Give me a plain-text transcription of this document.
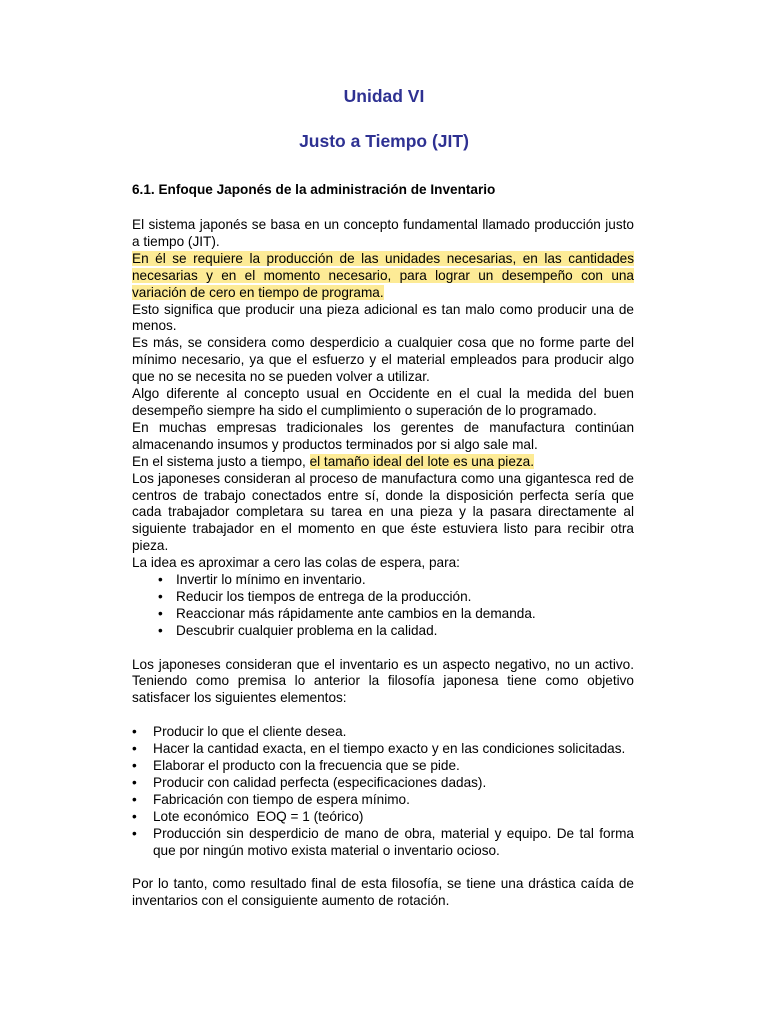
Unidad VI
Justo a Tiempo (JIT)
6.1. Enfoque Japonés de la administración de Inventario

El sistema japonés se basa en un concepto fundamental llamado producción justo a tiempo (JIT).

En él se requiere la producción de las unidades necesarias, en las cantidades necesarias y en el momento necesario, para lograr un desempeño con una variación de cero en tiempo de programa.

Esto significa que producir una pieza adicional es tan malo como producir una de menos.

Es más, se considera como desperdicio a cualquier cosa que no forme parte del mínimo necesario, ya que el esfuerzo y el material empleados para producir algo que no se necesita no se pueden volver a utilizar.

Algo diferente al concepto usual en Occidente en el cual la medida del buen desempeño siempre ha sido el cumplimiento o superación de lo programado.

En muchas empresas tradicionales los gerentes de manufactura continúan almacenando insumos y productos terminados por si algo sale mal.

En el sistema justo a tiempo, el tamaño ideal del lote es una pieza.

Los japoneses consideran al proceso de manufactura como una gigantesca red de centros de trabajo conectados entre sí, donde la disposición perfecta sería que cada trabajador completara su tarea en una pieza y la pasara directamente al siguiente trabajador en el momento en que éste estuviera listo para recibir otra pieza.

La idea es aproximar a cero las colas de espera, para:

• Invertir lo mínimo en inventario.
• Reducir los tiempos de entrega de la producción.
• Reaccionar más rápidamente ante cambios en la demanda.
• Descubrir cualquier problema en la calidad.

Los japoneses consideran que el inventario es un aspecto negativo, no un activo. Teniendo como premisa lo anterior la filosofía japonesa tiene como objetivo satisfacer los siguientes elementos:

• Producir lo que el cliente desea.
• Hacer la cantidad exacta, en el tiempo exacto y en las condiciones solicitadas.
• Elaborar el producto con la frecuencia que se pide.
• Producir con calidad perfecta (especificaciones dadas).
• Fabricación con tiempo de espera mínimo.
• Lote económico  EOQ = 1 (teórico)
• Producción sin desperdicio de mano de obra, material y equipo. De tal forma que por ningún motivo exista material o inventario ocioso.

Por lo tanto, como resultado final de esta filosofía, se tiene una drástica caída de inventarios con el consiguiente aumento de rotación.
